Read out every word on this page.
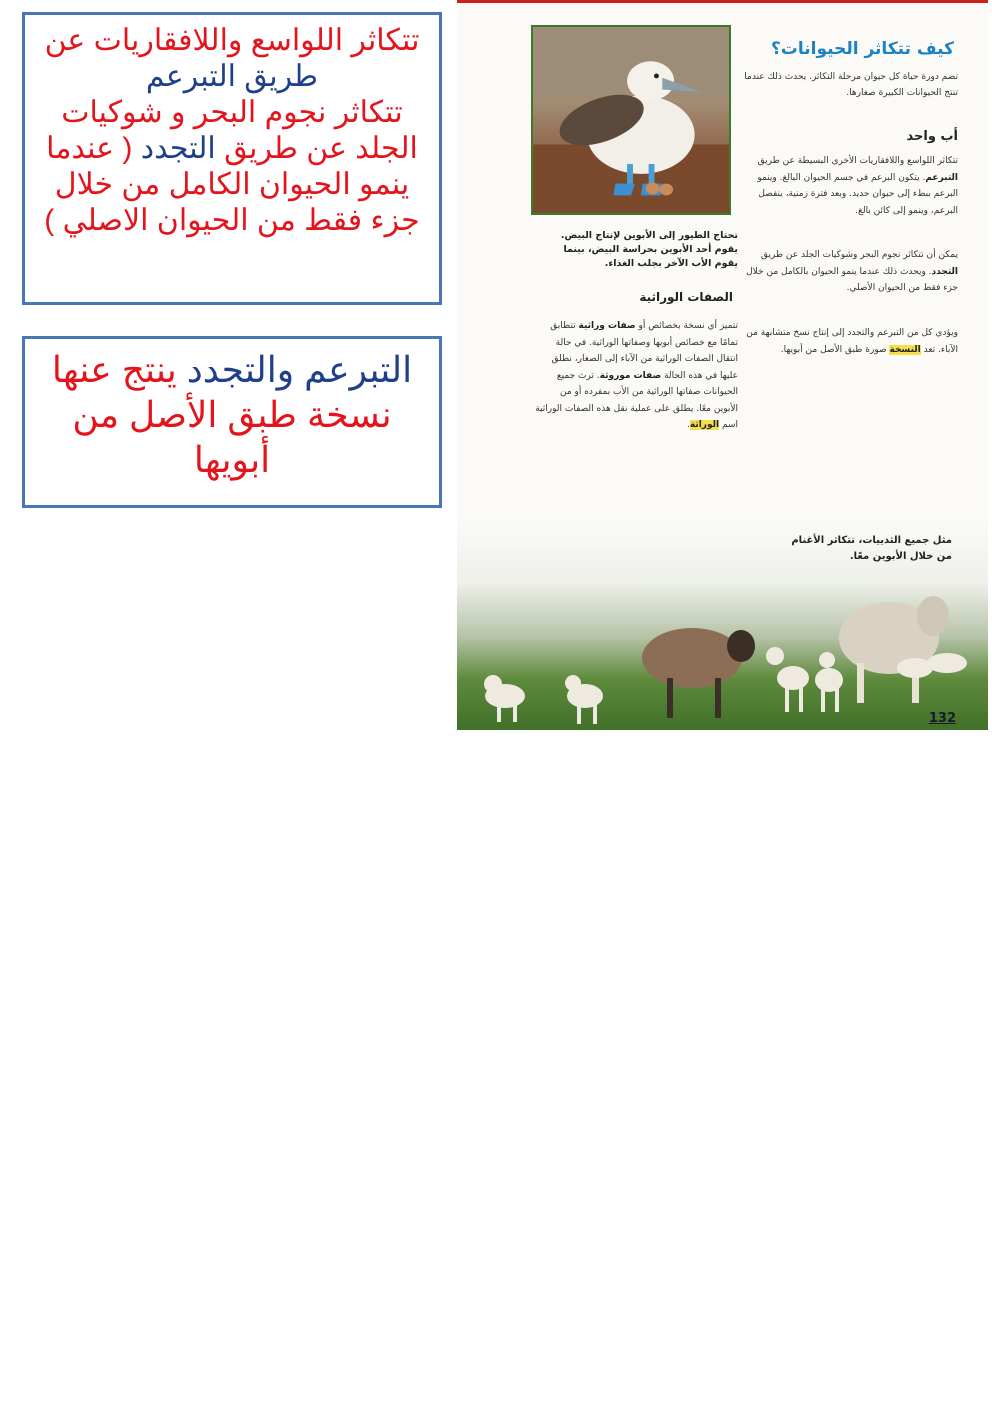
تتكاثر اللواسع واللافقاريات عن
طريق التبرعم
تتكاثر نجوم البحر و شوكيات
الجلد عن طريق التجدد ( عندما
ينمو الحيوان الكامل من خلال
جزء فقط من الحيوان الاصلي )
التبرعم والتجدد ينتج عنها
نسخة طبق الأصل من
أبويها
كيف تتكاثر الحيوانات؟
تضم دورة حياة كل حيوان مرحلة التكاثر. يحدث ذلك عندما تنتج الحيوانات الكبيرة صغارها.
أب واحد
تتكاثر اللواسع واللافقاريات الأخرى البسيطة عن طريق التبرعم. يتكون البرعم في جسم الحيوان البالغ. وينمو البرعم ببطء إلى حيوان جديد. وبعد فترة زمنية، ينفصل البرعم، وينمو إلى كائن بالغ.
يمكن أن تتكاثر نجوم البحر وشوكيات الجلد عن طريق التجدد. ويحدث ذلك عندما ينمو الحيوان بالكامل من خلال جزء فقط من الحيوان الأصلي.
ويؤدي كل من التبرعم والتجدد إلى إنتاج نسخ متشابهة من الآباء. تعد النسخة صورة طبق الأصل من أبويها.
تحتاج الطيور إلى الأبوين لإنتاج البيض. يقوم أحد الأبوين بحراسة البيض، بينما يقوم الأب الآخر بجلب الغذاء.
الصفات الوراثية
تتميز أي نسخة بخصائص أو صفات وراثية تتطابق تمامًا مع خصائص أبويها وصفاتها الوراثية. في حالة انتقال الصفات الوراثية من الآباء إلى الصغار، نطلق عليها في هذه الحالة صفات موروثة. ترث جميع الحيوانات صفاتها الوراثية من الأب بمفرده أو من الأبوين معًا. يطلق على عملية نقل هذه الصفات الوراثية اسم الوراثة.
مثل جميع الثدييات، تتكاثر الأغنام من خلال الأبوين معًا.
132
